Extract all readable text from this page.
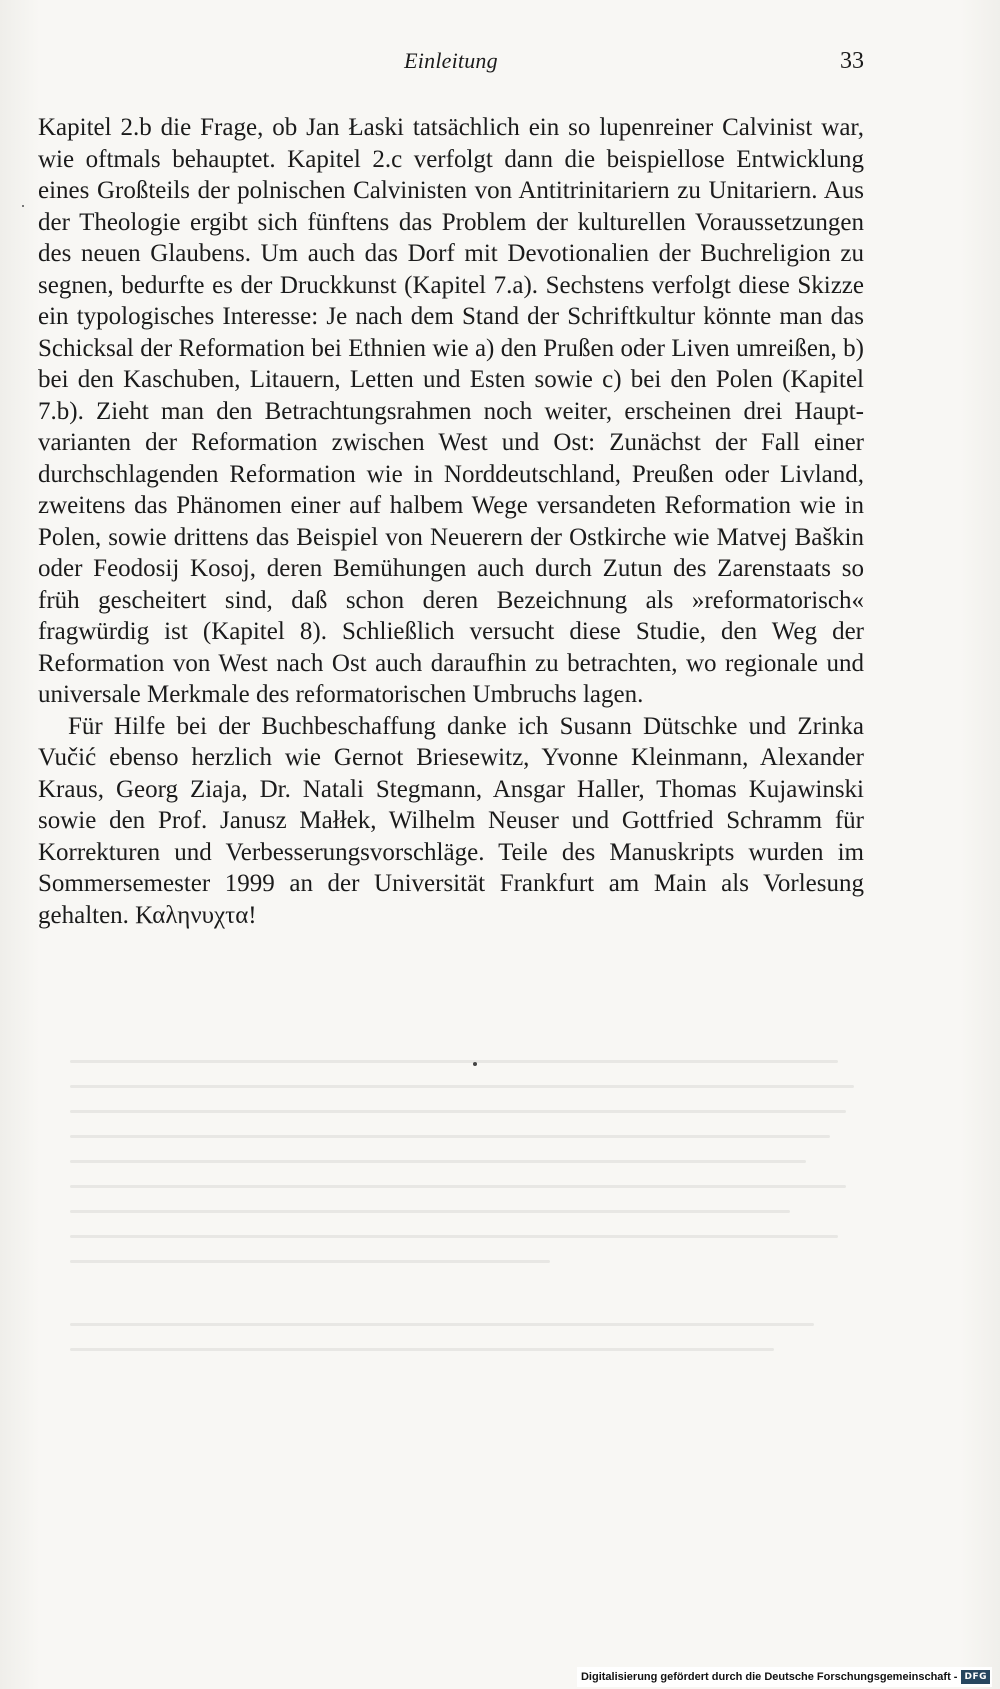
Einleitung	33

Kapitel 2.b die Frage, ob Jan Łaski tatsächlich ein so lupenreiner Calvinist war, wie oftmals behauptet. Kapitel 2.c verfolgt dann die beispiellose Entwicklung eines Großteils der polnischen Calvinisten von Antitrinitariern zu Unitariern. Aus der Theologie ergibt sich fünftens das Problem der kulturellen Voraussetzungen des neuen Glaubens. Um auch das Dorf mit Devotionalien der Buchreligion zu segnen, bedurfte es der Druckkunst (Kapitel 7.a). Sechstens verfolgt diese Skizze ein typologisches Interesse: Je nach dem Stand der Schriftkultur könnte man das Schicksal der Reformation bei Ethnien wie a) den Prußen oder Liven umreißen, b) bei den Kaschuben, Litauern, Letten und Esten sowie c) bei den Polen (Kapitel 7.b). Zieht man den Betrachtungsrahmen noch weiter, erscheinen drei Hauptvarianten der Reformation zwischen West und Ost: Zunächst der Fall einer durchschlagenden Reformation wie in Norddeutschland, Preußen oder Livland, zweitens das Phänomen einer auf halbem Wege versandeten Reformation wie in Polen, sowie drittens das Beispiel von Neuerern der Ostkirche wie Matvej Baškin oder Feodosij Kosoj, deren Bemühungen auch durch Zutun des Zarenstaats so früh gescheitert sind, daß schon deren Bezeichnung als »reformatorisch« fragwürdig ist (Kapitel 8). Schließlich versucht diese Studie, den Weg der Reformation von West nach Ost auch daraufhin zu betrachten, wo regionale und universale Merkmale des reformatorischen Umbruchs lagen.

Für Hilfe bei der Buchbeschaffung danke ich Susann Dütschke und Zrinka Vučić ebenso herzlich wie Gernot Briesewitz, Yvonne Kleinmann, Alexander Kraus, Georg Ziaja, Dr. Natali Stegmann, Ansgar Haller, Thomas Kujawinski sowie den Prof. Janusz Małłek, Wilhelm Neuser und Gottfried Schramm für Korrekturen und Verbesserungsvorschläge. Teile des Manuskripts wurden im Sommersemester 1999 an der Universität Frankfurt am Main als Vorlesung gehalten. Καληνυχτα!

Digitalisierung gefördert durch die Deutsche Forschungsgemeinschaft - DFG
